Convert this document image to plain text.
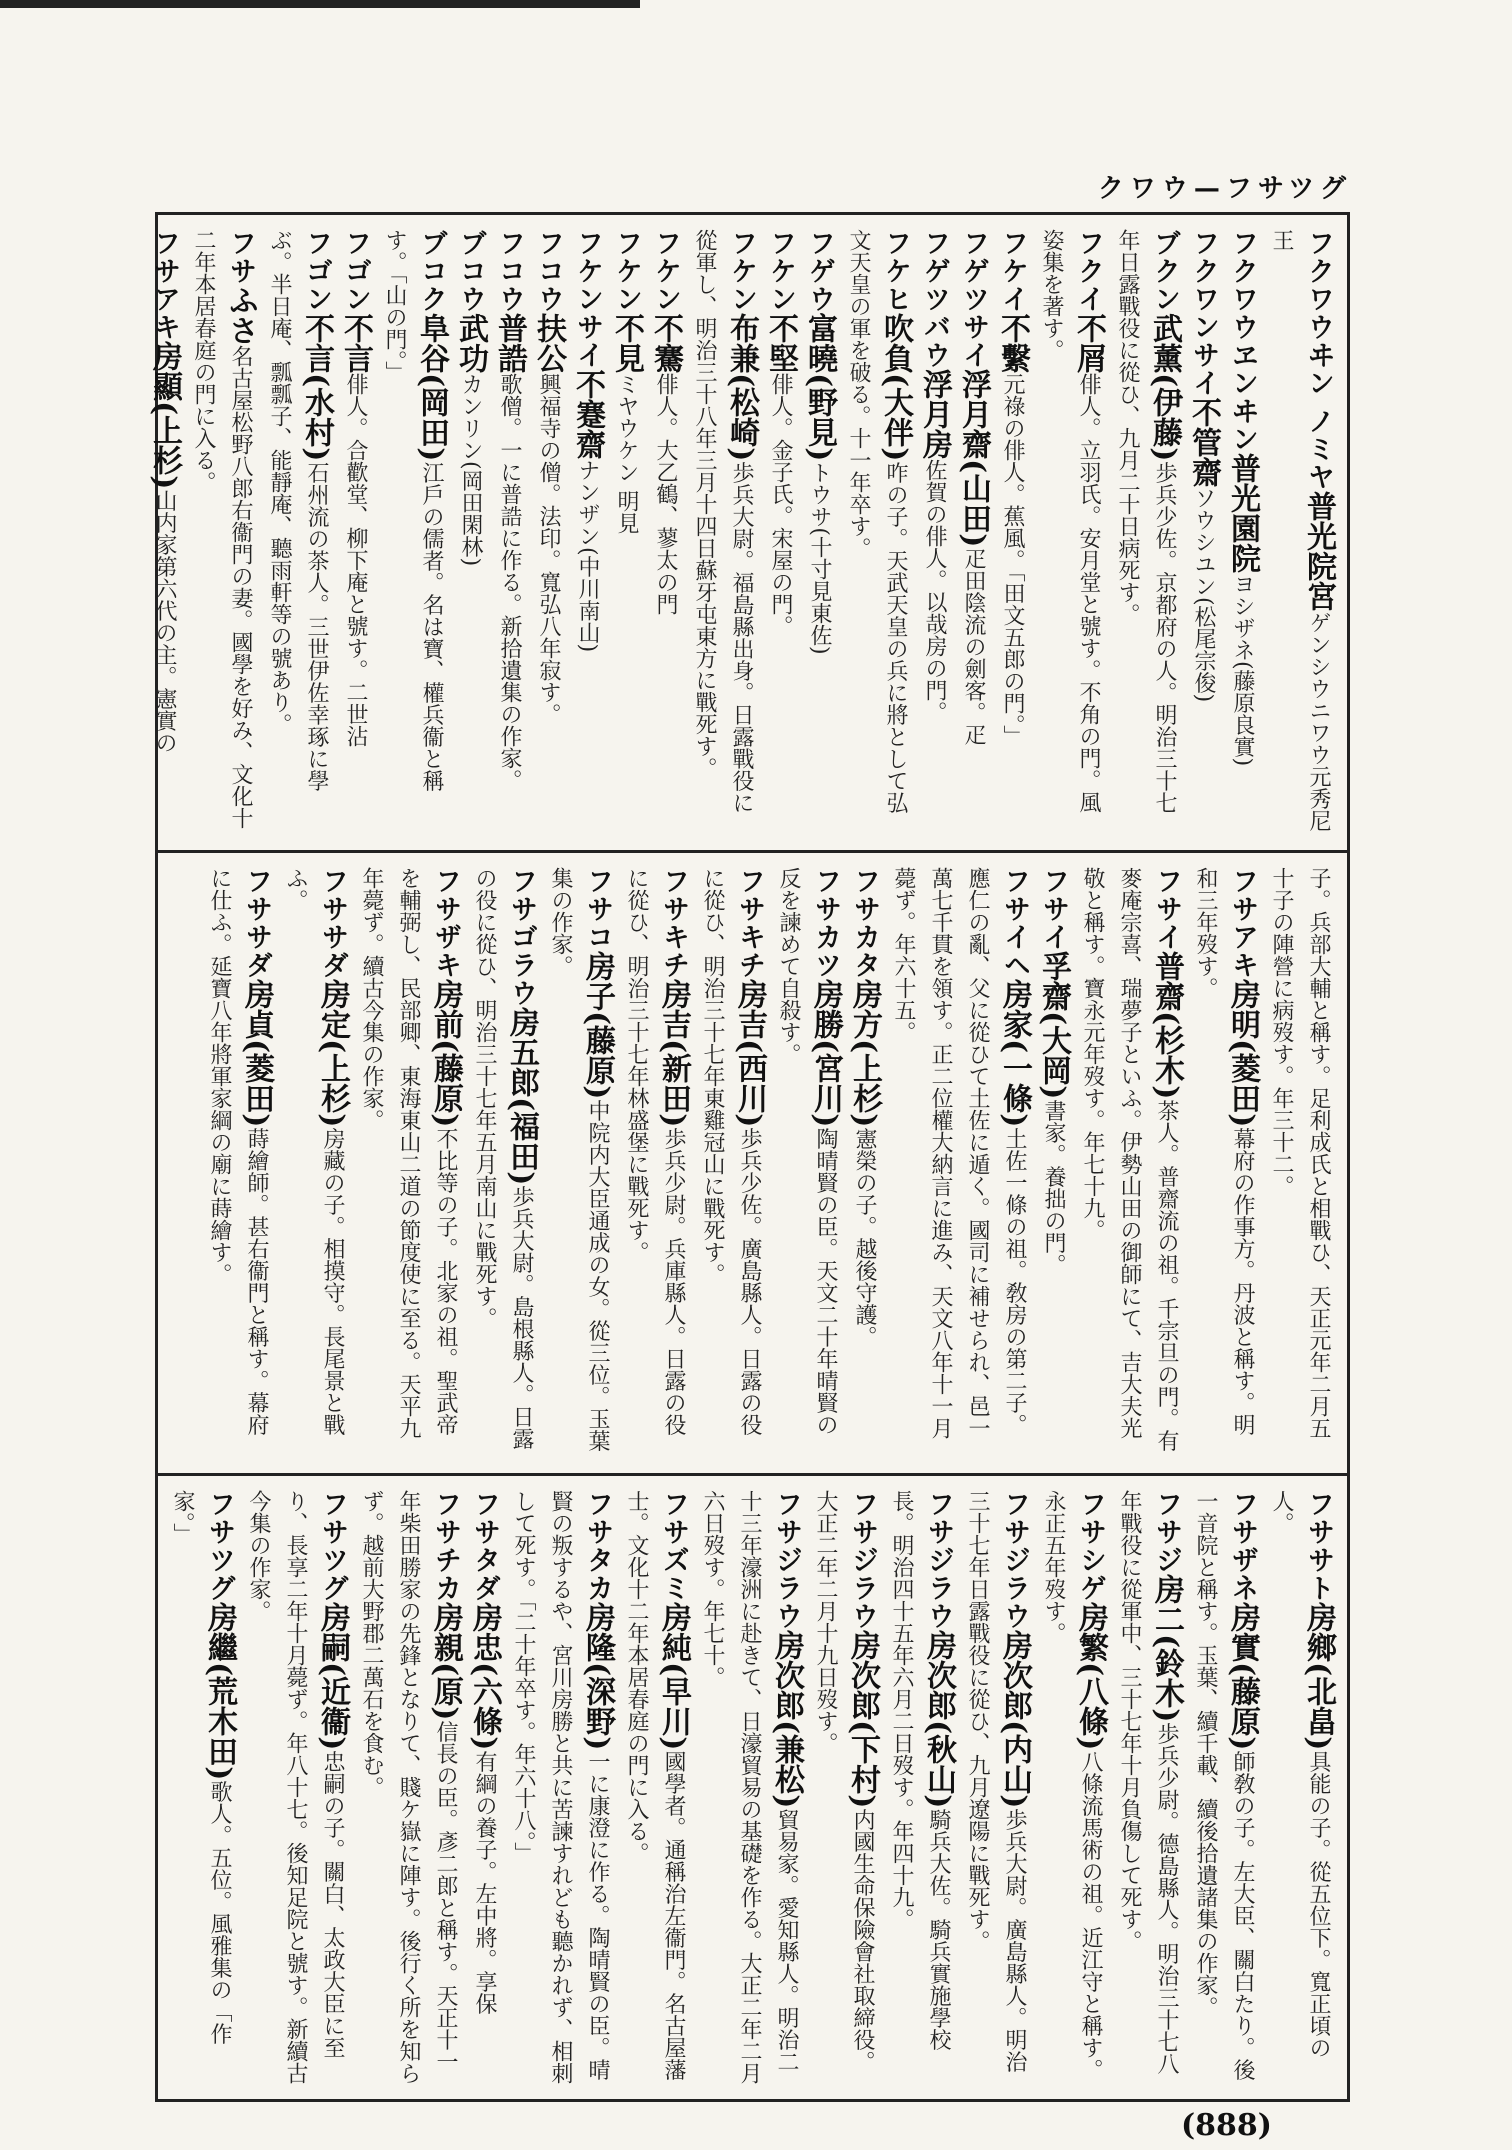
クワウ—フサツグ
フクワウヰン ノミヤ普光院宮ゲンシウニワウ元秀尼王
フクワウヱンヰン普光園院ヨシザネ(藤原良實)
フクワンサイ不管齋ソウシユン(松尾宗俊)
ブクン武薰(伊藤)歩兵少佐。京都府の人。明治三十七年日露戰役に從ひ、九月二十日病死す。
フクイ不屑俳人。立羽氏。安月堂と號す。不角の門。風姿集を著す。
フケイ不繫元祿の俳人。蕉風。「田文五郎の門。」
フゲツサイ浮月齋(山田)疋田陰流の劍客。疋
フゲツバウ浮月房佐賀の俳人。以哉房の門。
フケヒ吹負(大伴)咋の子。天武天皇の兵に將として弘文天皇の軍を破る。十一年卒す。
フゲウ富曉(野見)トウサ(十寸見東佐)
フケン不堅俳人。金子氏。宋屋の門。
フケン布兼(松崎)歩兵大尉。福島縣出身。日露戰役に從軍し、明治三十八年三月十四日蘇牙屯東方に戰死す。
フケン不騫俳人。大乙鶴、蓼太の門
フケン不見ミヤウケン 明見
フケンサイ不蹇齋ナンザン(中川南山)
フコウ扶公興福寺の僧。法印。寬弘八年寂す。
フコウ普誥歌僧。一に普誥に作る。新拾遺集の作家。
ブコウ武功カンリン(岡田閑林)
ブコク阜谷(岡田)江戶の儒者。名は寶、權兵衞と稱す。「山の門。」
フゴン不言俳人。合歡堂、柳下庵と號す。二世沾
フゴン不言(水村)石州流の茶人。三世伊佐幸琢に學ぶ。半日庵、瓢瓢子、能靜庵、聽雨軒等の號あり。
フサふさ名古屋松野八郎右衞門の妻。國學を好み、文化十二年本居春庭の門に入る。
フサアキ房顯(上杉)山内家第六代の主。憲實の
子。兵部大輔と稱す。足利成氏と相戰ひ、天正元年二月五十子の陣營に病歿す。年三十二。
フサアキ房明(菱田)幕府の作事方。丹波と稱す。明和三年歿す。
フサイ普齋(杉木)茶人。普齋流の祖。千宗旦の門。有麥庵宗喜、瑞夢子といふ。伊勢山田の御師にて、吉大夫光敬と稱す。寶永元年歿す。年七十九。
フサイ孚齋(大岡)書家。養拙の門。
フサイヘ房家(一條)土佐一條の祖。敎房の第二子。應仁の亂、父に從ひて土佐に遁く。國司に補せられ、邑一萬七千貫を領す。正二位權大納言に進み、天文八年十一月薨ず。年六十五。
フサカタ房方(上杉)憲榮の子。越後守護。
フサカツ房勝(宮川)陶晴賢の臣。天文二十年晴賢の反を諫めて自殺す。
フサキチ房吉(西川)歩兵少佐。廣島縣人。日露の役に從ひ、明治三十七年東雞冠山に戰死す。
フサキチ房吉(新田)歩兵少尉。兵庫縣人。日露の役に從ひ、明治三十七年林盛堡に戰死す。
フサコ房子(藤原)中院内大臣通成の女。從三位。玉葉集の作家。
フサゴラウ房五郎(福田)歩兵大尉。島根縣人。日露の役に從ひ、明治三十七年五月南山に戰死す。
フサザキ房前(藤原)不比等の子。北家の祖。聖武帝を輔弼し、民部卿、東海東山二道の節度使に至る。天平九年薨ず。續古今集の作家。
フササダ房定(上杉)房藏の子。相摸守。長尾景と戰ふ。
フササダ房貞(菱田)蒔繪師。甚右衞門と稱す。幕府に仕ふ。延寶八年將軍家綱の廟に蒔繪す。
フササト房鄉(北畠)具能の子。從五位下。寬正頃の人。
フサザネ房實(藤原)師敎の子。左大臣、關白たり。後一音院と稱す。玉葉、續千載、續後拾遺諸集の作家。
フサジ房二(鈴木)歩兵少尉。德島縣人。明治三十七八年戰役に從軍中、三十七年十月負傷して死す。
フサシゲ房繁(八條)八條流馬術の祖。近江守と稱す。永正五年歿す。
フサジラウ房次郎(内山)歩兵大尉。廣島縣人。明治三十七年日露戰役に從ひ、九月遼陽に戰死す。
フサジラウ房次郎(秋山)騎兵大佐。騎兵實施學校長。明治四十五年六月二日歿す。年四十九。
フサジラウ房次郎(下村)内國生命保險會社取締役。大正二年二月十九日歿す。
フサジラウ房次郎(兼松)貿易家。愛知縣人。明治二十三年濠洲に赴きて、日濠貿易の基礎を作る。大正二年二月六日歿す。年七十。
フサズミ房純(早川)國學者。通稱治左衞門。名古屋藩士。文化十二年本居春庭の門に入る。
フサタカ房隆(深野)一に康澄に作る。陶晴賢の臣。晴賢の叛するや、宮川房勝と共に苦諫すれども聽かれず、相刺して死す。「二十年卒す。年六十八。」
フサタダ房忠(六條)有綱の養子。左中將。享保
フサチカ房親(原)信長の臣。彥二郎と稱す。天正十一年柴田勝家の先鋒となりて、賤ケ嶽に陣す。後行く所を知らず。越前大野郡二萬石を食む。
フサツグ房嗣(近衞)忠嗣の子。關白、太政大臣に至り、長享二年十月薨ず。年八十七。後知足院と號す。新續古今集の作家。
フサツグ房繼(荒木田)歌人。五位。風雅集の「作家。」
(888)
